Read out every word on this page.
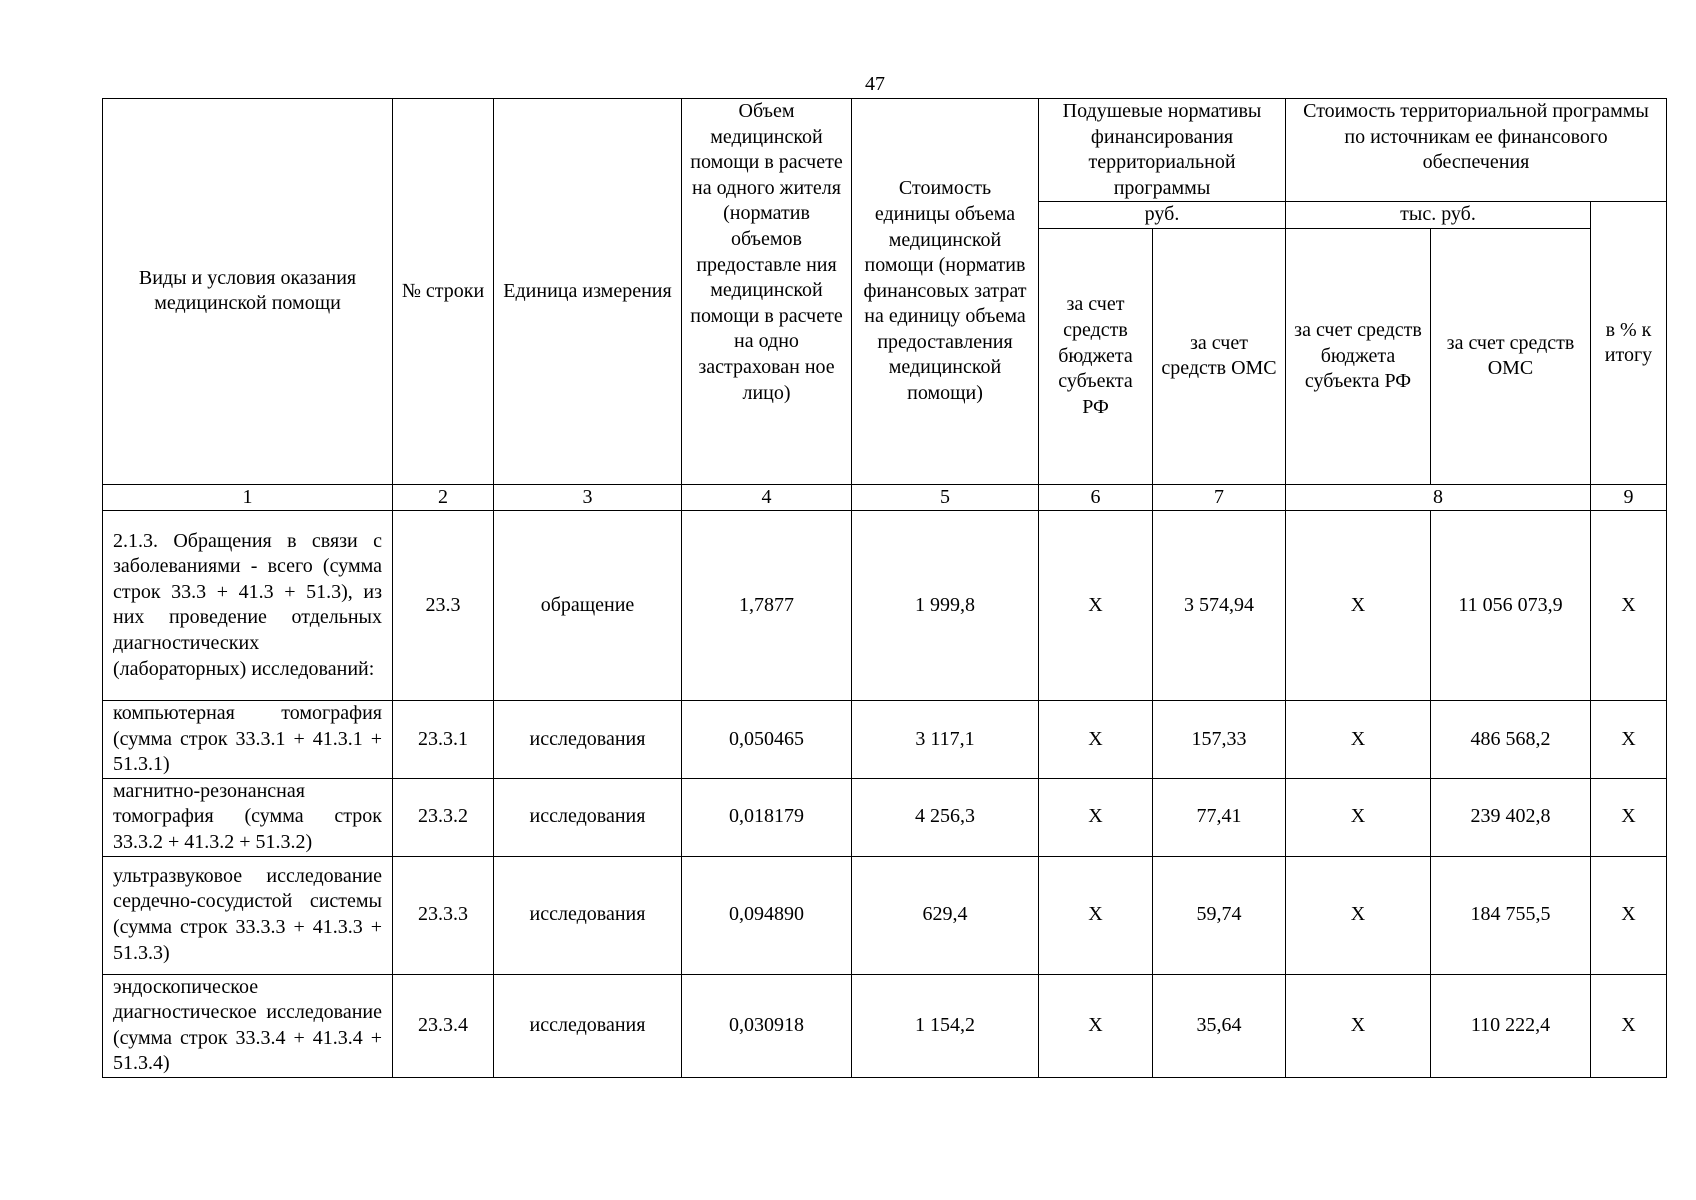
47
Виды и условия оказания медицинской помощи	№ строки	Единица измерения	Объем медицинской помощи в расчете на одного жителя (норматив объемов предоставле ния медицинской помощи в расчете на одно застрахован ное лицо)	Стоимость единицы объема медицинской помощи (норматив финансовых затрат на единицу объема предоставления медицинской помощи)	Подушевые нормативы финансирования территориальной программы		Стоимость территориальной программы по источникам ее финансового обеспечения		
					руб.		тыс. руб.		в % к итогу
					за счет средств бюджета субъекта РФ	за счет средств ОМС	за счет средств бюджета субъекта РФ	за счет средств ОМС	
1	2	3	4	5	6	7	8		9
2.1.3. Обращения в связи с заболеваниями - всего (сумма строк 33.3 + 41.3 + 51.3), из них проведение отдельных диагностических (лабораторных) исследований:	23.3	обращение	1,7877	1 999,8	Х	3 574,94	Х	11 056 073,9	Х
компьютерная томография (сумма строк 33.3.1 + 41.3.1 + 51.3.1)	23.3.1	исследования	0,050465	3 117,1	Х	157,33	Х	486 568,2	Х
магнитно-резонансная томография (сумма строк 33.3.2 + 41.3.2 + 51.3.2)	23.3.2	исследования	0,018179	4 256,3	Х	77,41	Х	239 402,8	Х
ультразвуковое исследование сердечно-сосудистой системы (сумма строк 33.3.3 + 41.3.3 + 51.3.3)	23.3.3	исследования	0,094890	629,4	Х	59,74	Х	184 755,5	Х
эндоскопическое диагностическое исследование (сумма строк 33.3.4 + 41.3.4 + 51.3.4)	23.3.4	исследования	0,030918	1 154,2	Х	35,64	Х	110 222,4	Х
